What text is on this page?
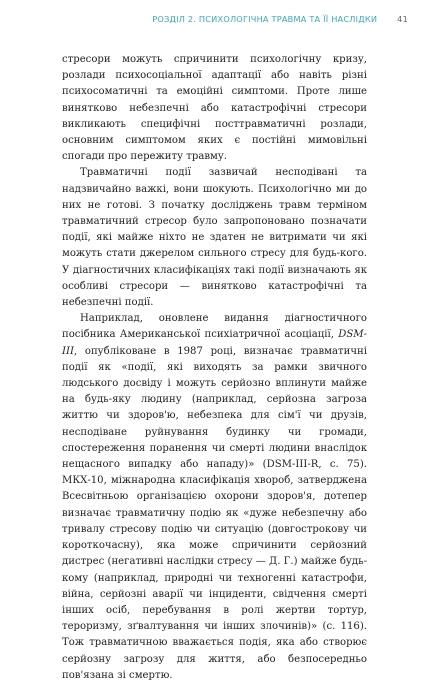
РОЗДІЛ 2. ПСИХОЛОГІЧНА ТРАВМА ТА ЇЇ НАСЛІДКИ 41

стресори можуть спричинити психологічну кризу, розлади психосоціальної адаптації або навіть різні психосоматичні та емоційні симптоми. Проте лише винятково небезпечні або катастрофічні стресори викликають специфічні посттравматичні розлади, основним симптомом яких є постійні мимовільні спогади про пережиту травму.

Травматичні події зазвичай несподівані та надзвичайно важкі, вони шокують. Психологічно ми до них не готові. З початку досліджень травм терміном травматичний стресор було запропоновано позначати події, які майже ніхто не здатен не витримати чи які можуть стати джерелом сильного стресу для будь-кого. У діагностичних класифікаціях такі події визначають як особливі стресори — винятково катастрофічні та небезпечні події.

Наприклад, оновлене видання діагностичного посібника Американської психіатричної асоціації, DSM-III, опубліковане в 1987 році, визначає травматичні події як «події, які виходять за рамки звичного людського досвіду і можуть серйозно вплинути майже на будь-яку людину (наприклад, серйозна загроза життю чи здоров'ю, небезпека для сім'ї чи друзів, несподіване руйнування будинку чи громади, спостереження поранення чи смерті людини внаслідок нещасного випадку або нападу)» (DSM-III-R, с. 75). МКХ-10, міжнародна класифікація хвороб, затверджена Всесвітньою організацією охорони здоров'я, дотепер визначає травматичну подію як «дуже небезпечну або тривалу стресову подію чи ситуацію (довгострокову чи короткочасну), яка може спричинити серйозний дистрес (негативні наслідки стресу — Д. Г.) майже будь-кому (наприклад, природні чи техногенні катастрофи, війна, серйозні аварії чи інциденти, свідчення смерті інших осіб, перебування в ролі жертви тортур, тероризму, зґвалтування чи інших злочинів)» (с. 116). Тож травматичною вважається подія, яка або створює серйозну загрозу для життя, або безпосередньо пов'язана зі смертю.
